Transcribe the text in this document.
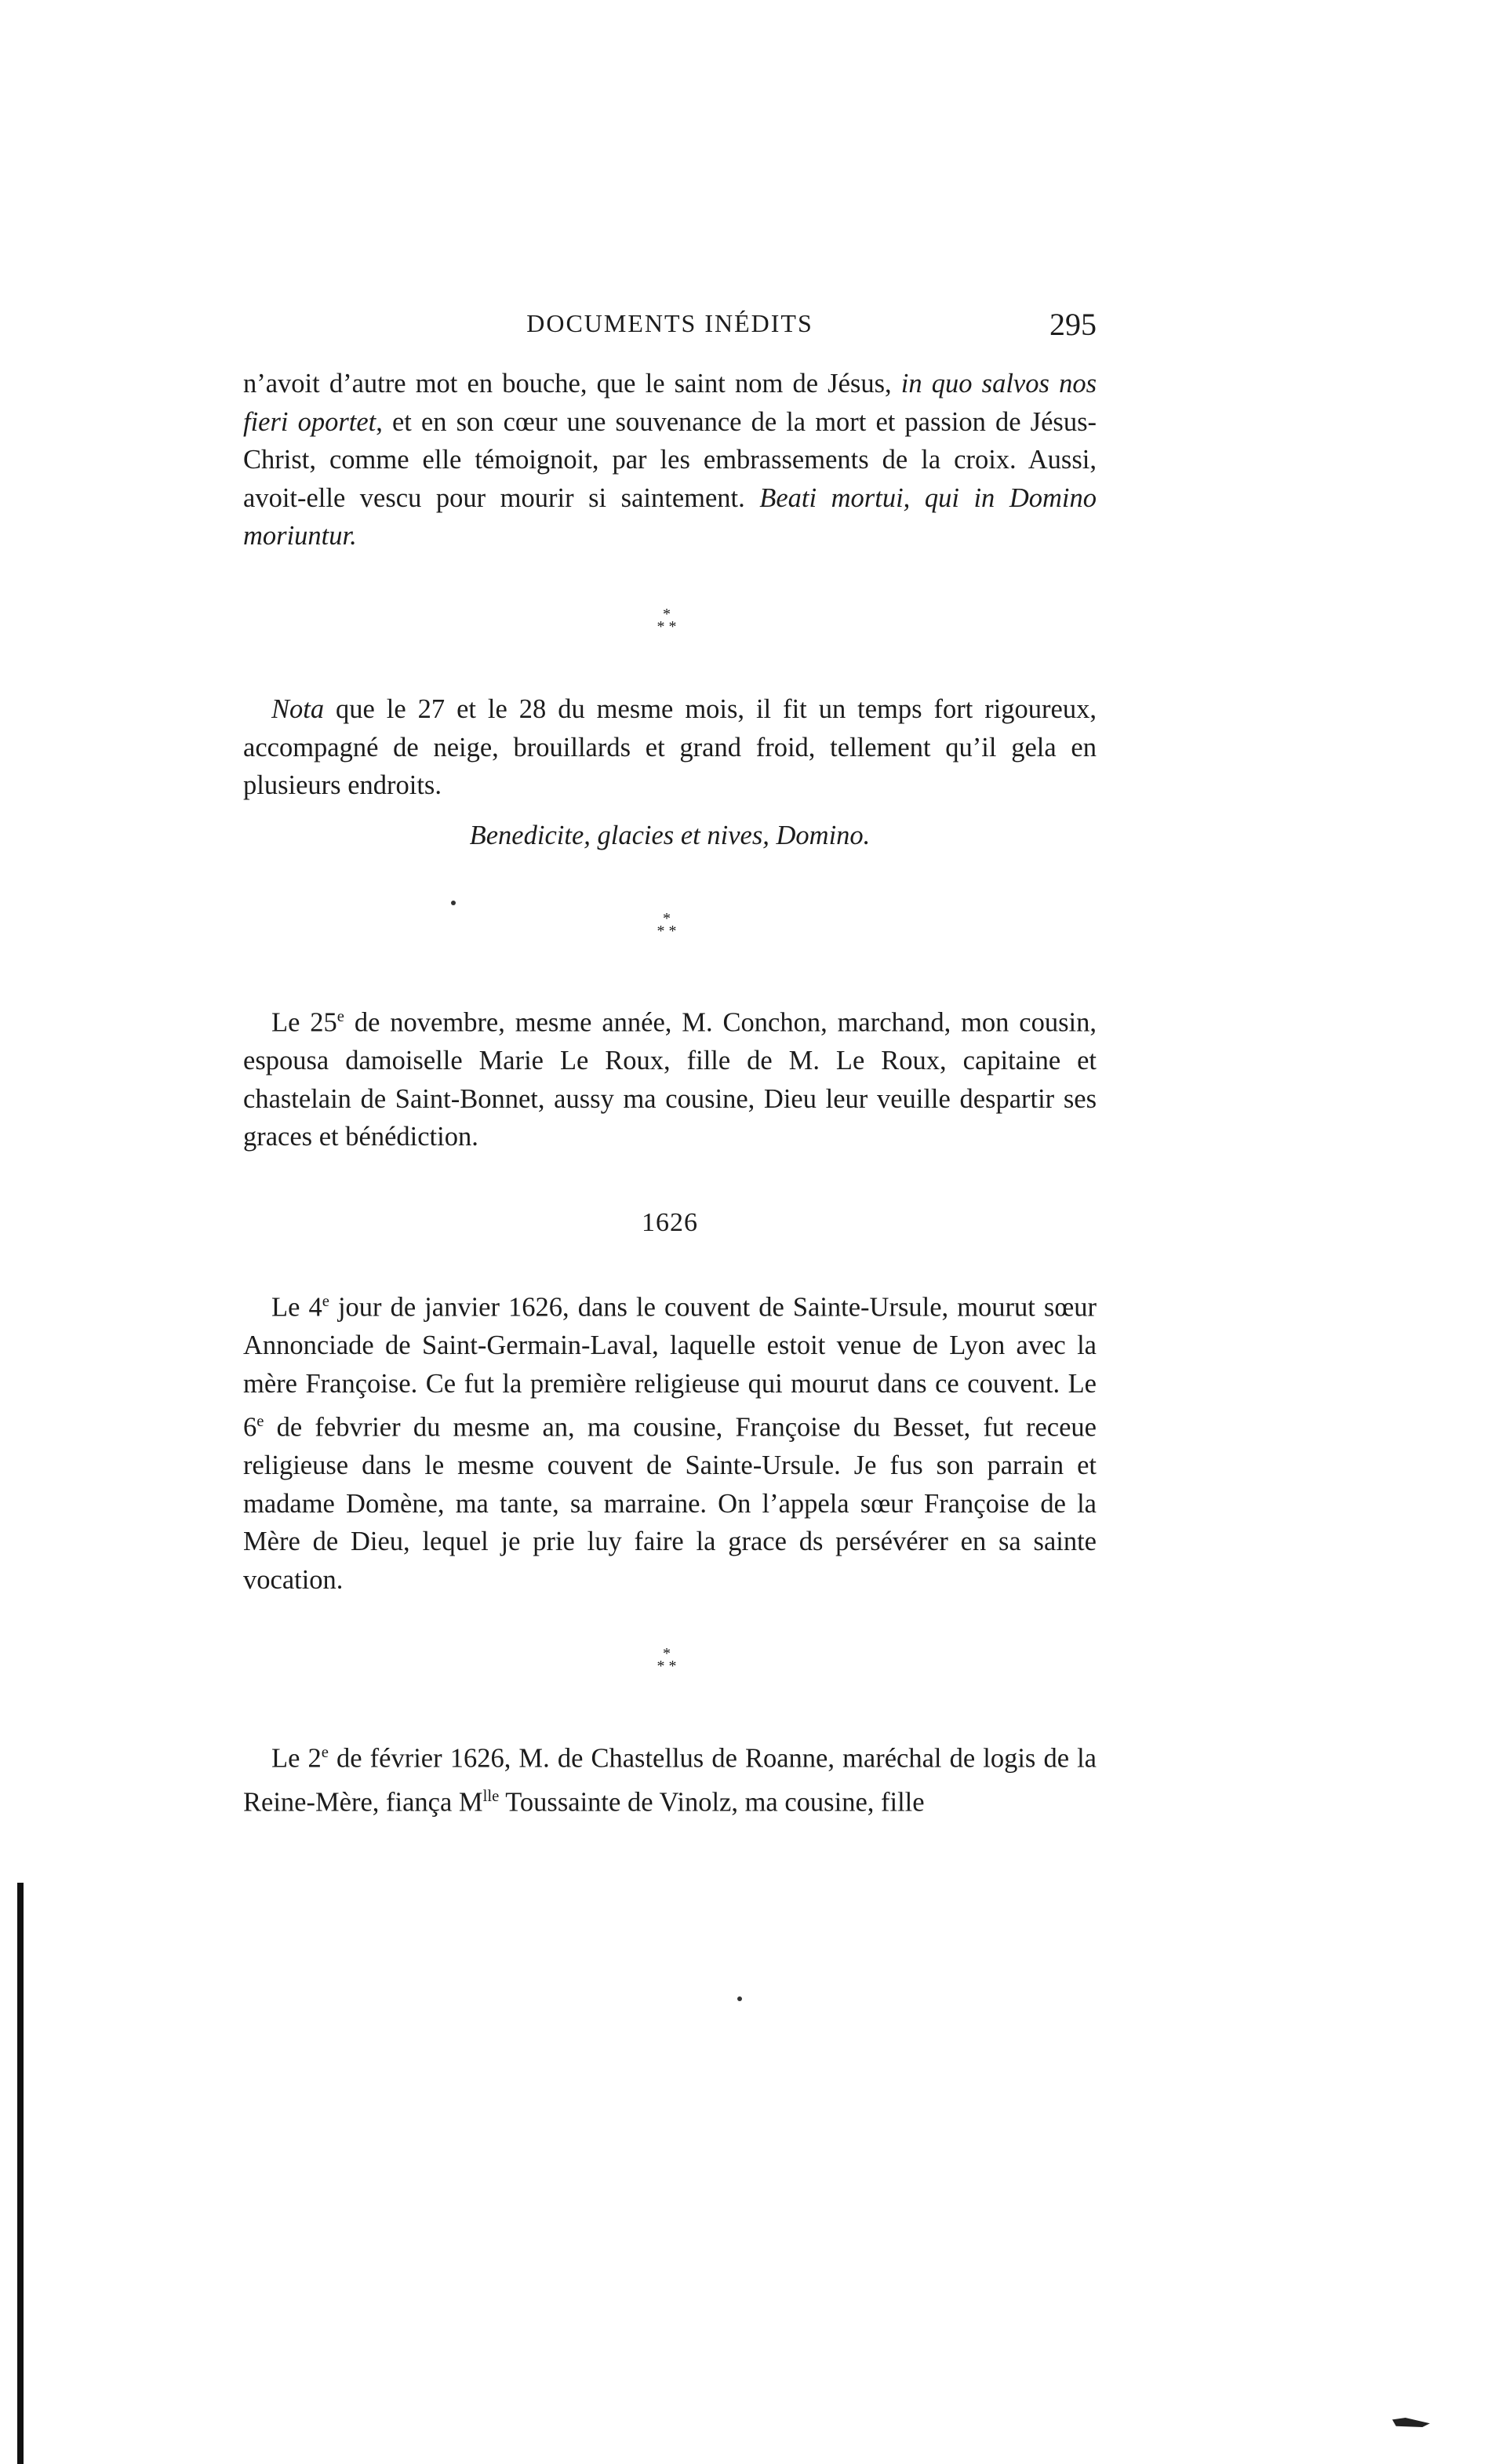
DOCUMENTS INÉDITS	295

n’avoit d’autre mot en bouche, que le saint nom de Jésus, in quo salvos nos fieri oportet, et en son cœur une souvenance de la mort et passion de Jésus-Christ, comme elle témoignoit, par les embrassements de la croix. Aussi, avoit-elle vescu pour mourir si saintement. Beati mortui, qui in Domino moriuntur.

*
* *

Nota que le 27 et le 28 du mesme mois, il fit un temps fort rigoureux, accompagné de neige, brouillards et grand froid, tellement qu’il gela en plusieurs endroits.

Benedicite, glacies et nives, Domino.
*
* *

Le 25e de novembre, mesme année, M. Conchon, marchand, mon cousin, espousa damoiselle Marie Le Roux, fille de M. Le Roux, capitaine et chastelain de Saint-Bonnet, aussy ma cousine, Dieu leur veuille despartir ses graces et bénédiction.

1626

Le 4e jour de janvier 1626, dans le couvent de Sainte-Ursule, mourut sœur Annonciade de Saint-Germain-Laval, laquelle estoit venue de Lyon avec la mère Françoise. Ce fut la première religieuse qui mourut dans ce couvent. Le 6e de febvrier du mesme an, ma cousine, Françoise du Besset, fut receue religieuse dans le mesme couvent de Sainte-Ursule. Je fus son parrain et madame Domène, ma tante, sa marraine. On l’appela sœur Françoise de la Mère de Dieu, lequel je prie luy faire la grace ds persévérer en sa sainte vocation.

*
* *

Le 2e de février 1626, M. de Chastellus de Roanne, maréchal de logis de la Reine-Mère, fiança $M^{lle}$ Toussainte de Vinolz, ma cousine, fille
